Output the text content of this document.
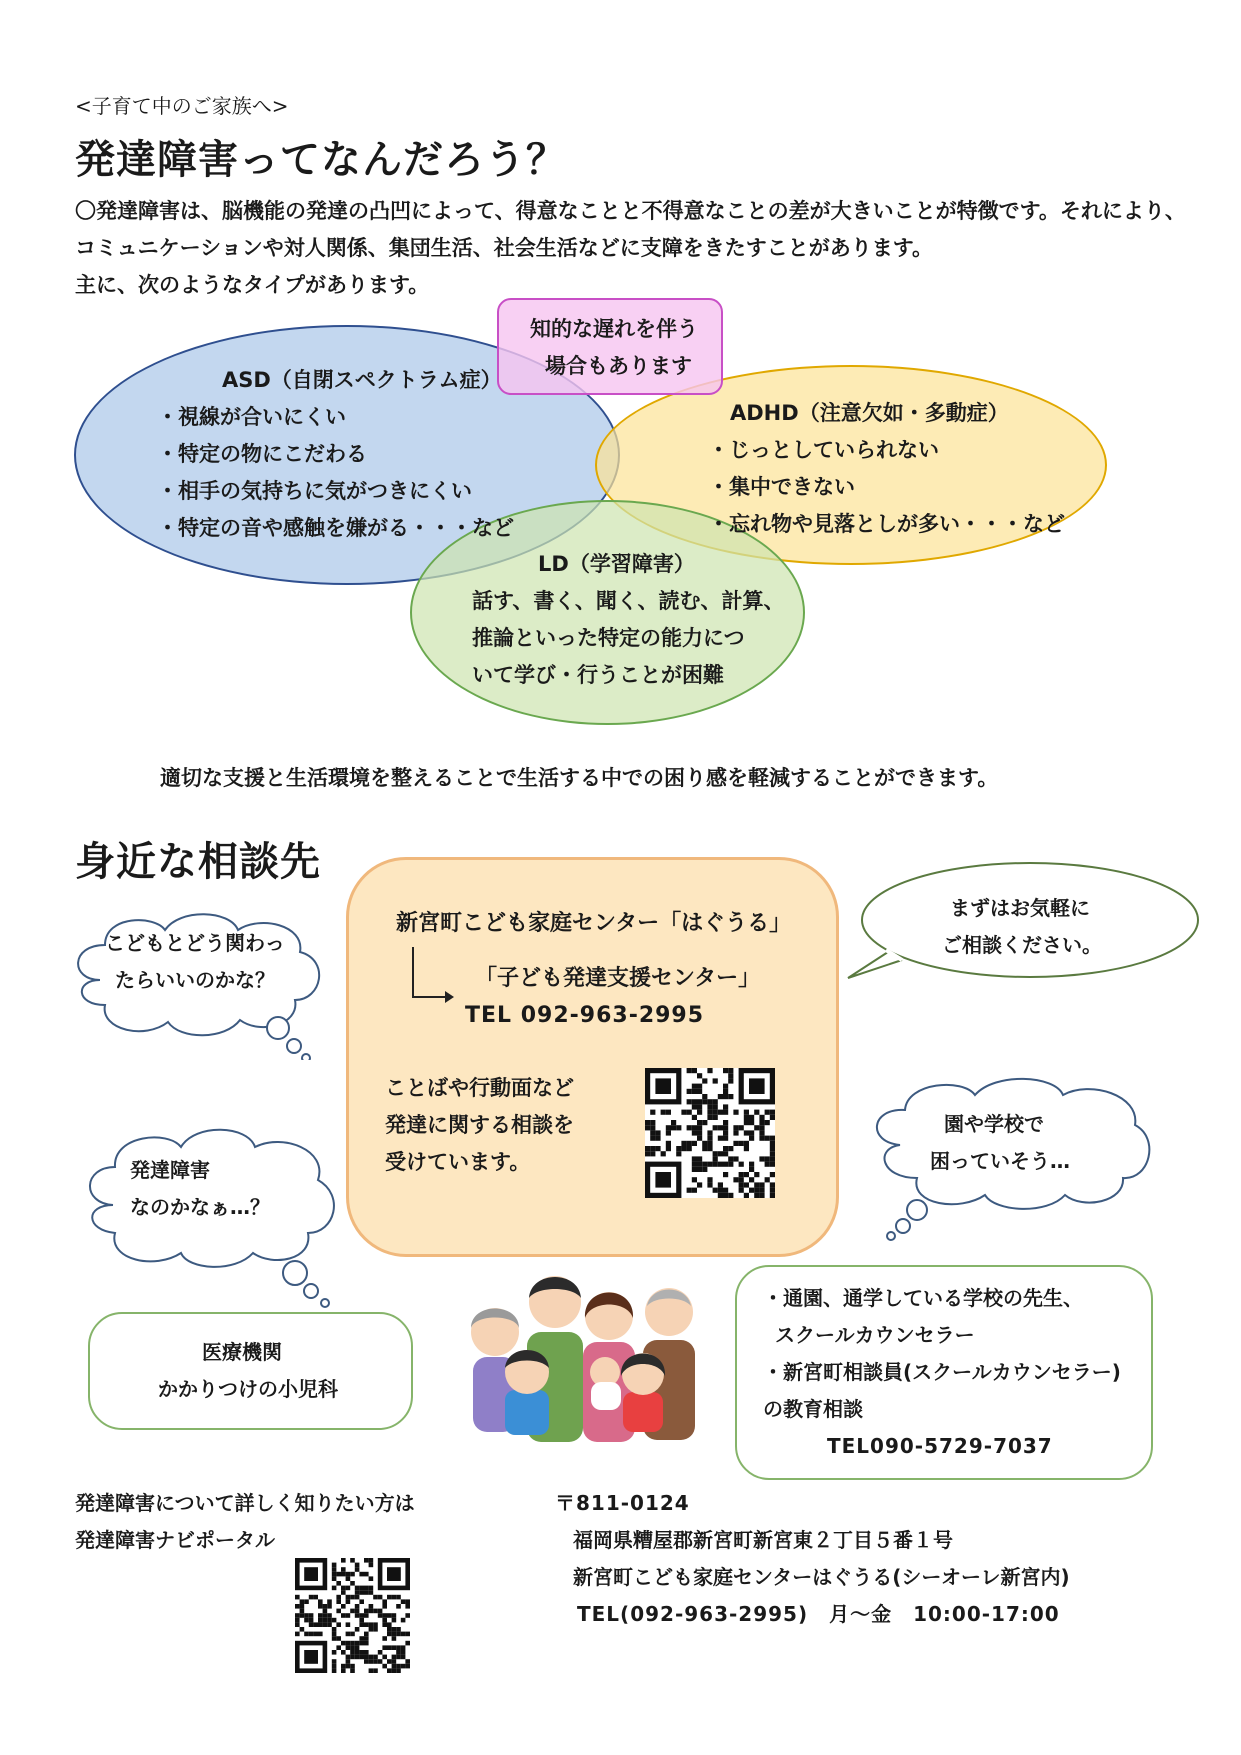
<子育て中のご家族へ>
発達障害ってなんだろう？
〇発達障害は、脳機能の発達の凸凹によって、得意なことと不得意なことの差が大きいことが特徴です。それにより、
コミュニケーションや対人関係、集団生活、社会生活などに支障をきたすことがあります。
主に、次のようなタイプがあります。
知的な遅れを伴う
場合もあります
ASD（自閉スペクトラム症）
・視線が合いにくい
・特定の物にこだわる
・相手の気持ちに気がつきにくい
・特定の音や感触を嫌がる・・・など
ADHD（注意欠如・多動症）
・じっとしていられない
・集中できない
・忘れ物や見落としが多い・・・など
LD（学習障害）
話す、書く、聞く、読む、計算、
推論といった特定の能力につ
いて学び・行うことが困難
適切な支援と生活環境を整えることで生活する中での困り感を軽減することができます。
身近な相談先
新宮町こども家庭センター「はぐうる」
「子ども発達支援センター」
TEL 092-963-2995
ことばや行動面など
発達に関する相談を
受けています。
こどもとどう関わっ
たらいいのかな？
発達障害
なのかなぁ…？
まずはお気軽に
ご相談ください。
園や学校で
困っていそう…
医療機関
かかりつけの小児科
・通園、通学している学校の先生、
スクールカウンセラー
・新宮町相談員(スクールカウンセラー)
の教育相談
TEL090-5729-7037
発達障害について詳しく知りたい方は
発達障害ナビポータル
〒811-0124
福岡県糟屋郡新宮町新宮東２丁目５番１号
新宮町こども家庭センターはぐうる(シーオーレ新宮内)
TEL(092-963-2995)　月～金　10:00-17:00
